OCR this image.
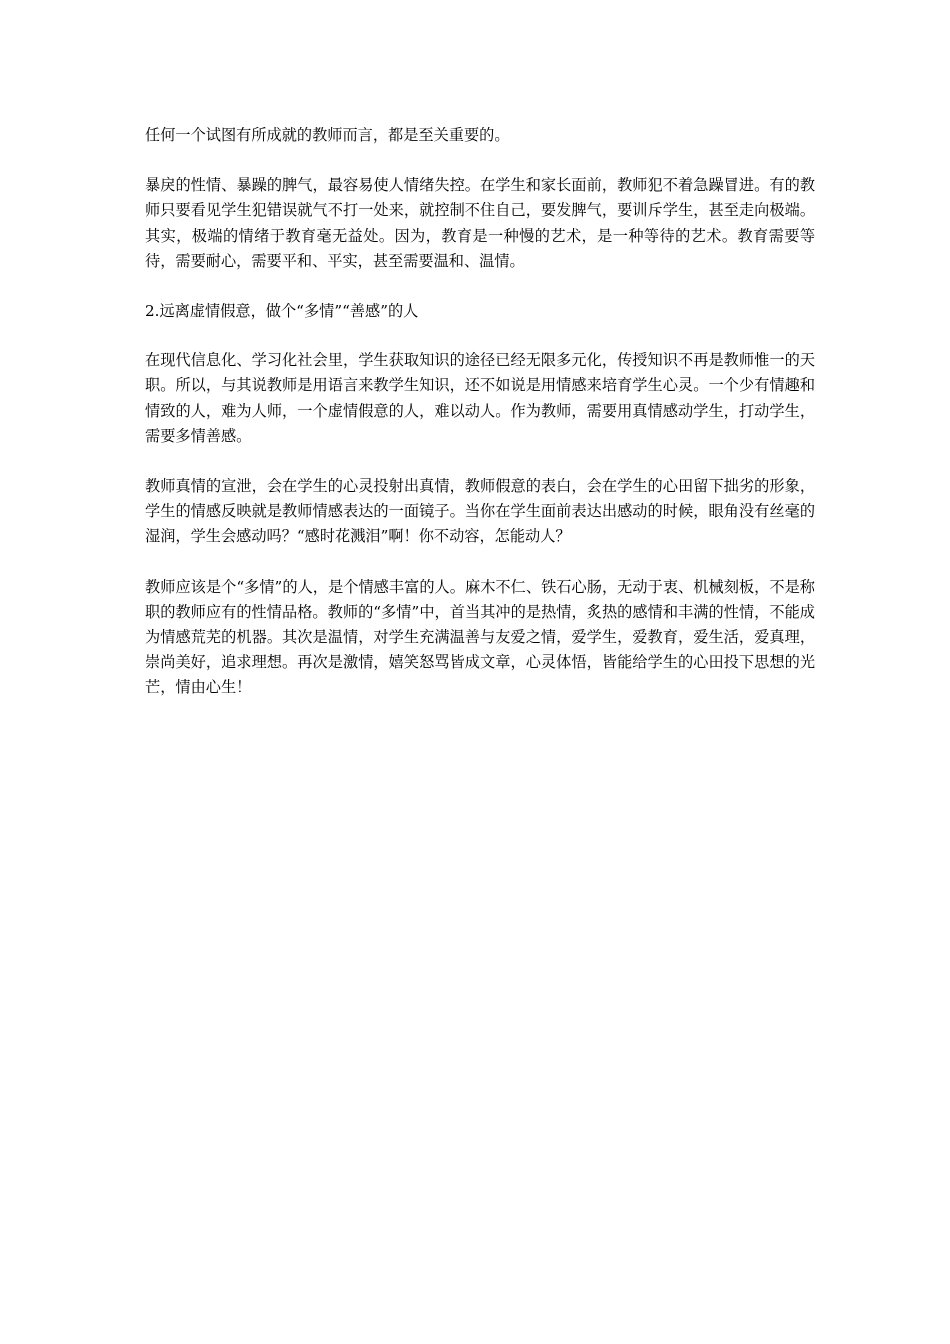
任何一个试图有所成就的教师而言，都是至关重要的。

暴戾的性情、暴躁的脾气，最容易使人情绪失控。在学生和家长面前，教师犯不着急躁冒进。有的教师只要看见学生犯错误就气不打一处来，就控制不住自己，要发脾气，要训斥学生，甚至走向极端。其实，极端的情绪于教育毫无益处。因为，教育是一种慢的艺术，是一种等待的艺术。教育需要等待，需要耐心，需要平和、平实，甚至需要温和、温情。

2.远离虚情假意，做个“多情”“善感”的人

在现代信息化、学习化社会里，学生获取知识的途径已经无限多元化，传授知识不再是教师惟一的天职。所以，与其说教师是用语言来教学生知识，还不如说是用情感来培育学生心灵。一个少有情趣和情致的人，难为人师，一个虚情假意的人，难以动人。作为教师，需要用真情感动学生，打动学生，需要多情善感。

教师真情的宣泄，会在学生的心灵投射出真情，教师假意的表白，会在学生的心田留下拙劣的形象，学生的情感反映就是教师情感表达的一面镜子。当你在学生面前表达出感动的时候，眼角没有丝毫的湿润，学生会感动吗？“感时花溅泪”啊！你不动容，怎能动人？

教师应该是个“多情”的人，是个情感丰富的人。麻木不仁、铁石心肠，无动于衷、机械刻板，不是称职的教师应有的性情品格。教师的“多情”中，首当其冲的是热情，炙热的感情和丰满的性情，不能成为情感荒芜的机器。其次是温情，对学生充满温善与友爱之情，爱学生，爱教育，爱生活，爱真理，崇尚美好，追求理想。再次是激情，嬉笑怒骂皆成文章，心灵体悟，皆能给学生的心田投下思想的光芒，情由心生！
